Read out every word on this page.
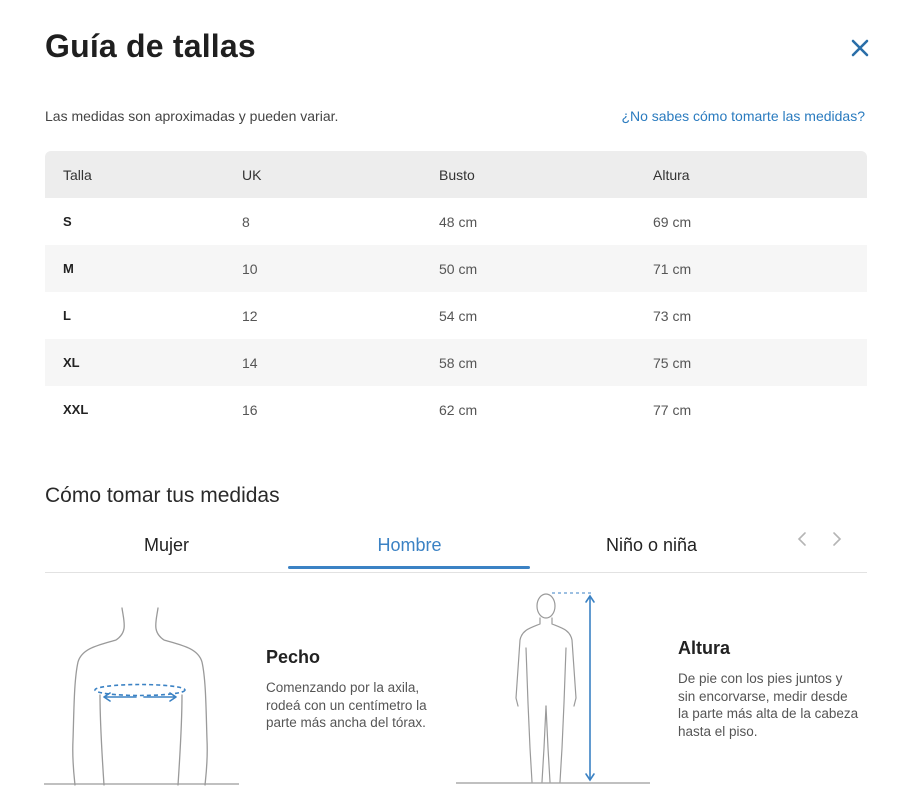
Guía de tallas
Las medidas son aproximadas y pueden variar.	¿No sabes cómo tomarte las medidas?
Talla	UK	Busto	Altura
S	8	48 cm	69 cm
M	10	50 cm	71 cm
L	12	54 cm	73 cm
XL	14	58 cm	75 cm
XXL	16	62 cm	77 cm
Cómo tomar tus medidas
Mujer	Hombre	Niño o niña
Pecho
Comenzando por la axila,
rodeá con un centímetro la
parte más ancha del tórax.
Altura
De pie con los pies juntos y
sin encorvarse, medir desde
la parte más alta de la cabeza
hasta el piso.
